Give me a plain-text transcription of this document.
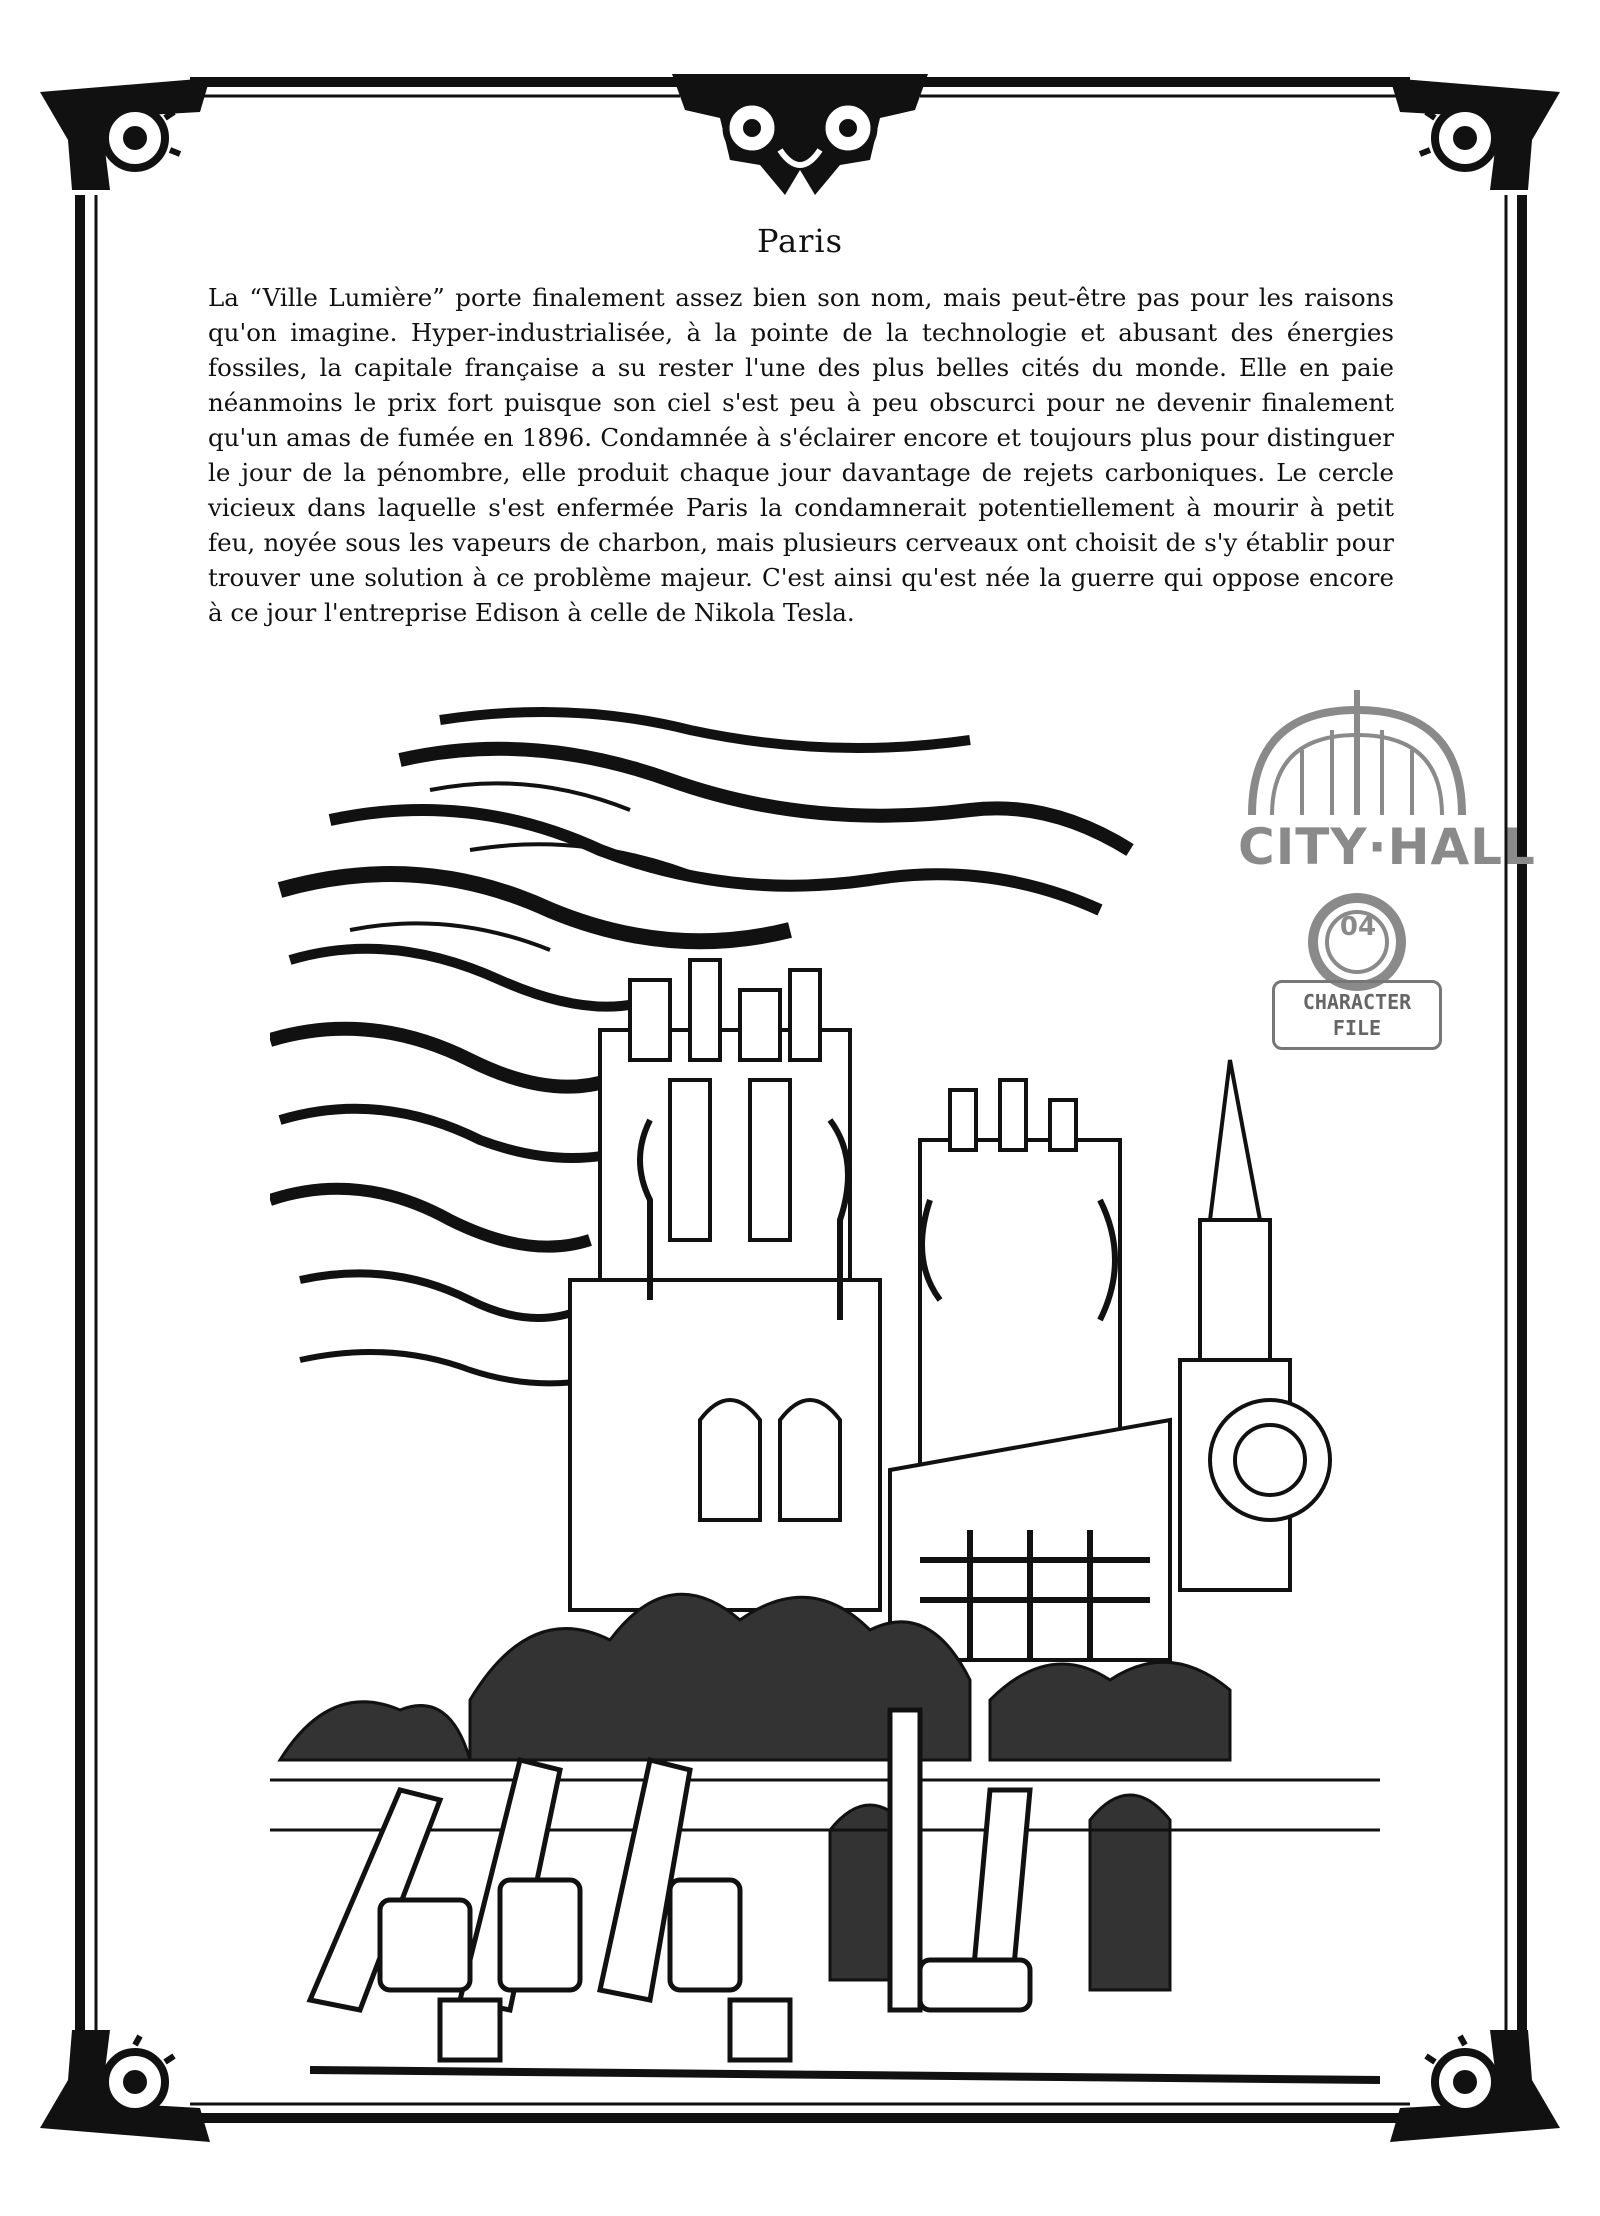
Paris
La “Ville Lumière” porte finalement assez bien son nom, mais peut-être pas pour les raisons qu'on imagine. Hyper-industrialisée, à la pointe de la technologie et abusant des énergies fossiles, la capitale française a su rester l'une des plus belles cités du monde. Elle en paie néanmoins le prix fort puisque son ciel s'est peu à peu obscurci pour ne devenir finalement qu'un amas de fumée en 1896. Condamnée à s'éclairer encore et toujours plus pour distinguer le jour de la pénombre, elle produit chaque jour davantage de rejets carboniques. Le cercle vicieux dans laquelle s'est enfermée Paris la condamnerait potentiellement à mourir à petit feu, noyée sous les vapeurs de charbon, mais plusieurs cerveaux ont choisit de s'y établir pour trouver une solution à ce problème majeur. C'est ainsi qu'est née la guerre qui oppose encore à ce jour l'entreprise Edison à celle de Nikola Tesla.
CITY·HALL
04
CHARACTER
FILE
